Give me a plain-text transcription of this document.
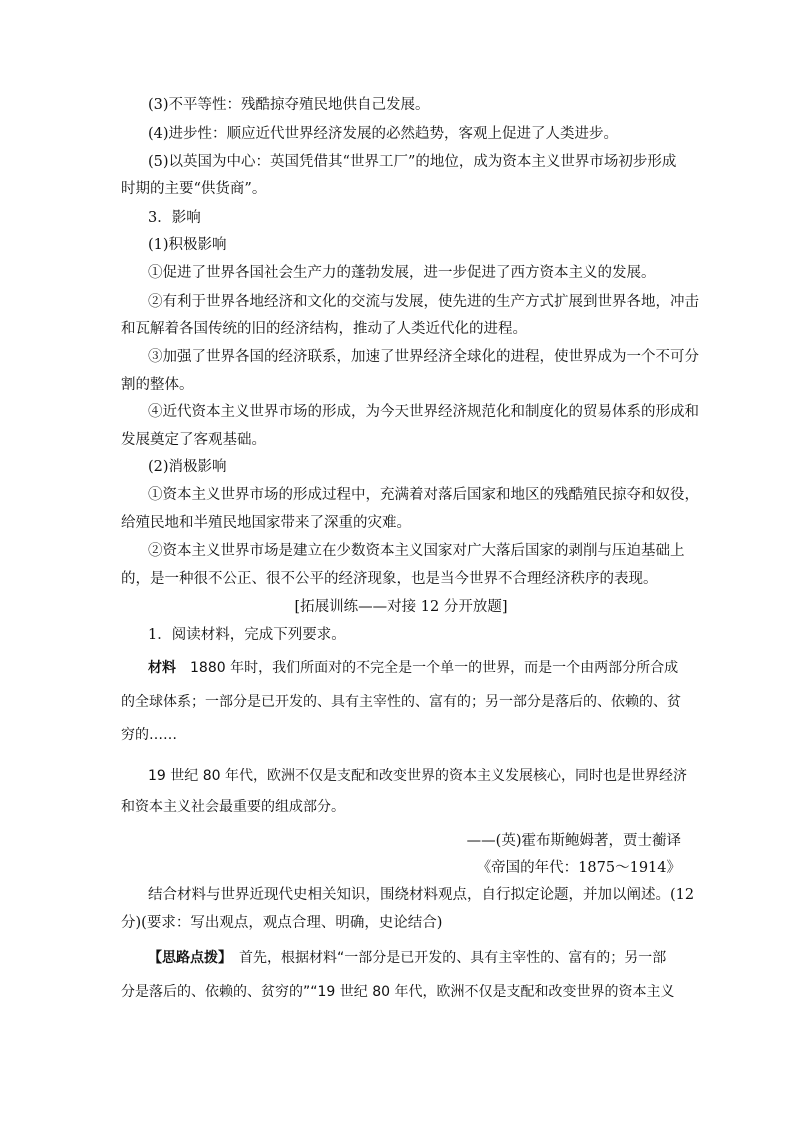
(3)不平等性：残酷掠夺殖民地供自己发展。
(4)进步性：顺应近代世界经济发展的必然趋势，客观上促进了人类进步。
(5)以英国为中心：英国凭借其“世界工厂”的地位，成为资本主义世界市场初步形成
时期的主要“供货商”。
3．影响
(1)积极影响
①促进了世界各国社会生产力的蓬勃发展，进一步促进了西方资本主义的发展。
②有利于世界各地经济和文化的交流与发展，使先进的生产方式扩展到世界各地，冲击
和瓦解着各国传统的旧的经济结构，推动了人类近代化的进程。
③加强了世界各国的经济联系，加速了世界经济全球化的进程，使世界成为一个不可分
割的整体。
④近代资本主义世界市场的形成，为今天世界经济规范化和制度化的贸易体系的形成和
发展奠定了客观基础。
(2)消极影响
①资本主义世界市场的形成过程中，充满着对落后国家和地区的残酷殖民掠夺和奴役，
给殖民地和半殖民地国家带来了深重的灾难。
②资本主义世界市场是建立在少数资本主义国家对广大落后国家的剥削与压迫基础上
的，是一种很不公正、很不公平的经济现象，也是当今世界不合理经济秩序的表现。
[拓展训练——对接 12 分开放题]
1．阅读材料，完成下列要求。
材料　1880 年时，我们所面对的不完全是一个单一的世界，而是一个由两部分所合成
的全球体系；一部分是已开发的、具有主宰性的、富有的；另一部分是落后的、依赖的、贫
穷的……
19 世纪 80 年代，欧洲不仅是支配和改变世界的资本主义发展核心，同时也是世界经济
和资本主义社会最重要的组成部分。
——(英)霍布斯鲍姆著，贾士蘅译
《帝国的年代：1875～1914》
结合材料与世界近现代史相关知识，围绕材料观点，自行拟定论题，并加以阐述。(12
分)(要求：写出观点，观点合理、明确，史论结合)
【思路点拨】　首先，根据材料“一部分是已开发的、具有主宰性的、富有的；另一部
分是落后的、依赖的、贫穷的”“19 世纪 80 年代，欧洲不仅是支配和改变世界的资本主义
